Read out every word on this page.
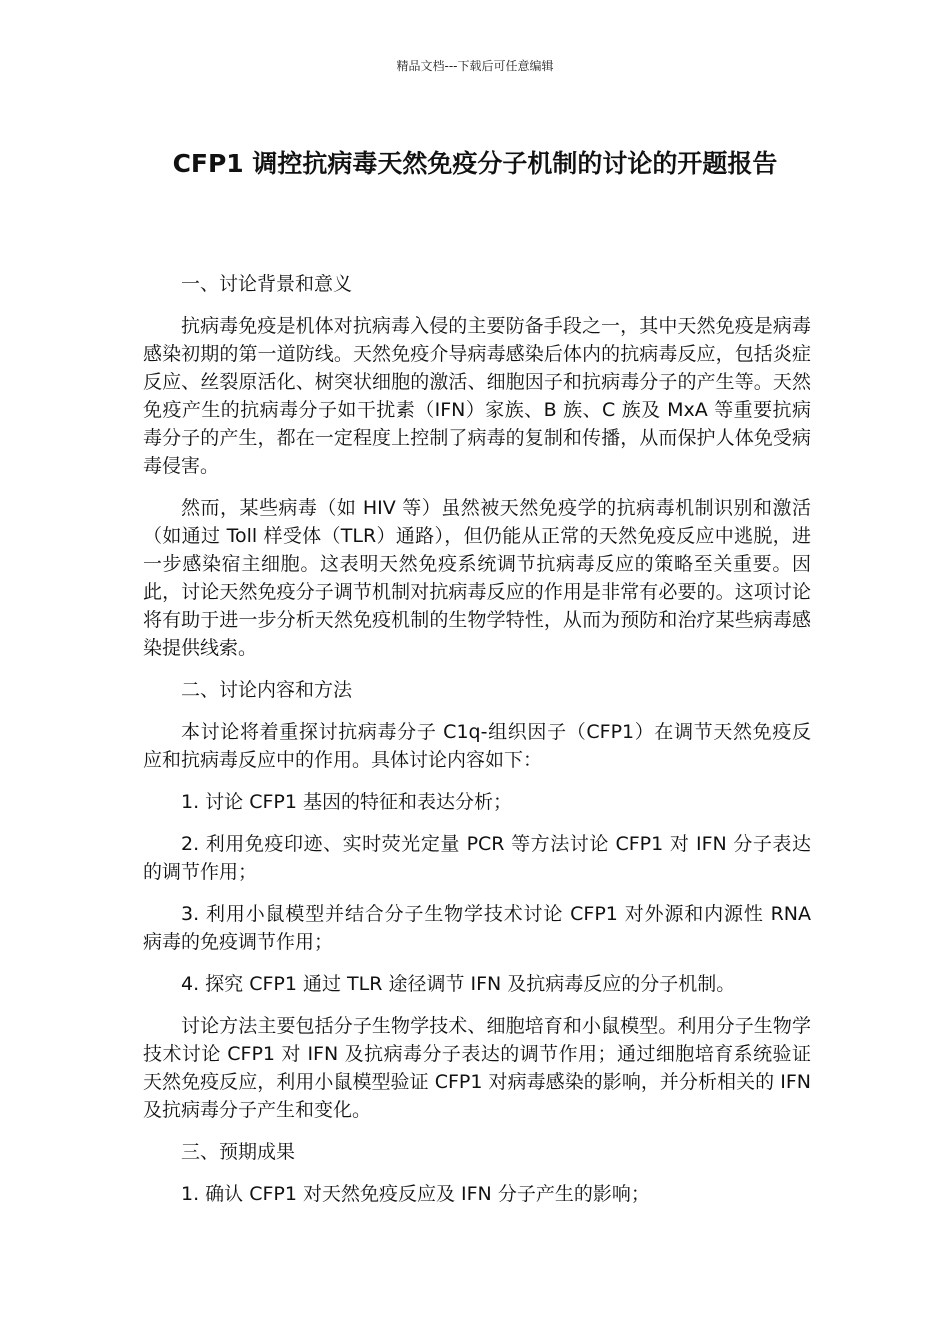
精品文档---下载后可任意编辑
CFP1 调控抗病毒天然免疫分子机制的讨论的开题报告

一、讨论背景和意义

抗病毒免疫是机体对抗病毒入侵的主要防备手段之一，其中天然免疫是病毒感染初期的第一道防线。天然免疫介导病毒感染后体内的抗病毒反应，包括炎症反应、丝裂原活化、树突状细胞的激活、细胞因子和抗病毒分子的产生等。天然免疫产生的抗病毒分子如干扰素（IFN）家族、B 族、C 族及 MxA 等重要抗病毒分子的产生，都在一定程度上控制了病毒的复制和传播，从而保护人体免受病毒侵害。

然而，某些病毒（如 HIV 等）虽然被天然免疫学的抗病毒机制识别和激活（如通过 Toll 样受体（TLR）通路），但仍能从正常的天然免疫反应中逃脱，进一步感染宿主细胞。这表明天然免疫系统调节抗病毒反应的策略至关重要。因此，讨论天然免疫分子调节机制对抗病毒反应的作用是非常有必要的。这项讨论将有助于进一步分析天然免疫机制的生物学特性，从而为预防和治疗某些病毒感染提供线索。

二、讨论内容和方法

本讨论将着重探讨抗病毒分子 C1q-组织因子（CFP1）在调节天然免疫反应和抗病毒反应中的作用。具体讨论内容如下：

1. 讨论 CFP1 基因的特征和表达分析；

2. 利用免疫印迹、实时荧光定量 PCR 等方法讨论 CFP1 对 IFN 分子表达的调节作用；

3. 利用小鼠模型并结合分子生物学技术讨论 CFP1 对外源和内源性 RNA 病毒的免疫调节作用；

4. 探究 CFP1 通过 TLR 途径调节 IFN 及抗病毒反应的分子机制。

讨论方法主要包括分子生物学技术、细胞培育和小鼠模型。利用分子生物学技术讨论 CFP1 对 IFN 及抗病毒分子表达的调节作用；通过细胞培育系统验证天然免疫反应，利用小鼠模型验证 CFP1 对病毒感染的影响，并分析相关的 IFN 及抗病毒分子产生和变化。

三、预期成果

1. 确认 CFP1 对天然免疫反应及 IFN 分子产生的影响；
